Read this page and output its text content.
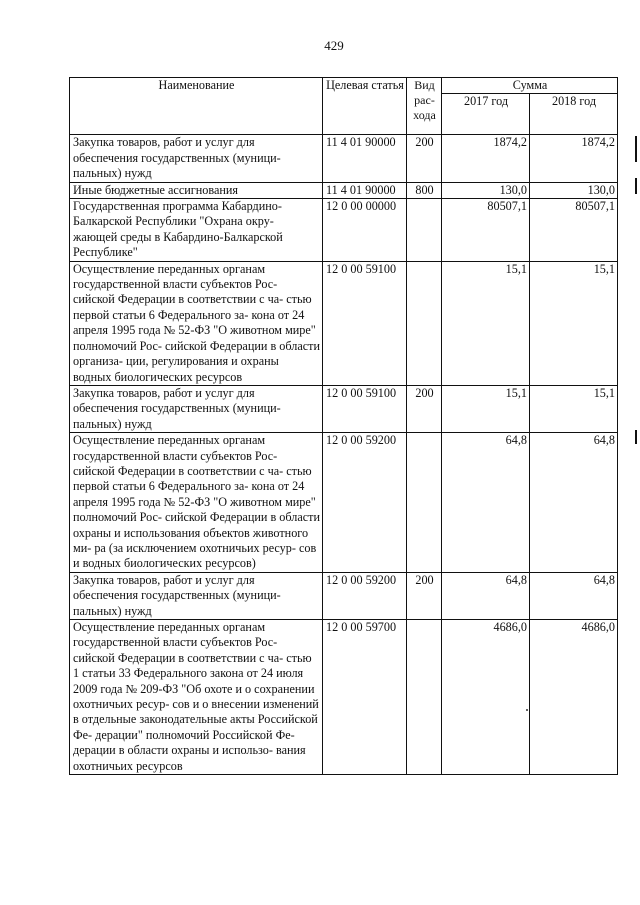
429
Наименование	Целевая статья	Вид рас- хода	Сумма	
			2017 год	2018 год
Закупка товаров, работ и услуг для обеспечения государственных (муници- пальных) нужд	11 4 01 90000	200	1874,2	1874,2
Иные бюджетные ассигнования	11 4 01 90000	800	130,0	130,0
Государственная программа Кабардино- Балкарской Республики "Охрана окру- жающей среды в Кабардино-Балкарской Республике"	12 0 00 00000		80507,1	80507,1
Осуществление переданных органам государственной власти субъектов Рос- сийской Федерации в соответствии с ча- стью первой статьи 6 Федерального за- кона от 24 апреля 1995 года № 52-ФЗ "О животном мире" полномочий Рос- сийской Федерации в области организа- ции, регулирования и охраны водных биологических ресурсов	12 0 00 59100		15,1	15,1
Закупка товаров, работ и услуг для обеспечения государственных (муници- пальных) нужд	12 0 00 59100	200	15,1	15,1
Осуществление переданных органам государственной власти субъектов Рос- сийской Федерации в соответствии с ча- стью первой статьи 6 Федерального за- кона от 24 апреля 1995 года № 52-ФЗ "О животном мире" полномочий Рос- сийской Федерации в области охраны и использования объектов животного ми- ра (за исключением охотничьих ресур- сов и водных биологических ресурсов)	12 0 00 59200		64,8	64,8
Закупка товаров, работ и услуг для обеспечения государственных (муници- пальных) нужд	12 0 00 59200	200	64,8	64,8
Осуществление переданных органам государственной власти субъектов Рос- сийской Федерации в соответствии с ча- стью 1 статьи 33 Федерального закона от 24 июля 2009 года № 209-ФЗ "Об охоте и о сохранении охотничьих ресур- сов и о внесении изменений в отдельные законодательные акты Российской Фе- дерации" полномочий Российской Фе- дерации в области охраны и использо- вания охотничьих ресурсов	12 0 00 59700		4686,0	4686,0
